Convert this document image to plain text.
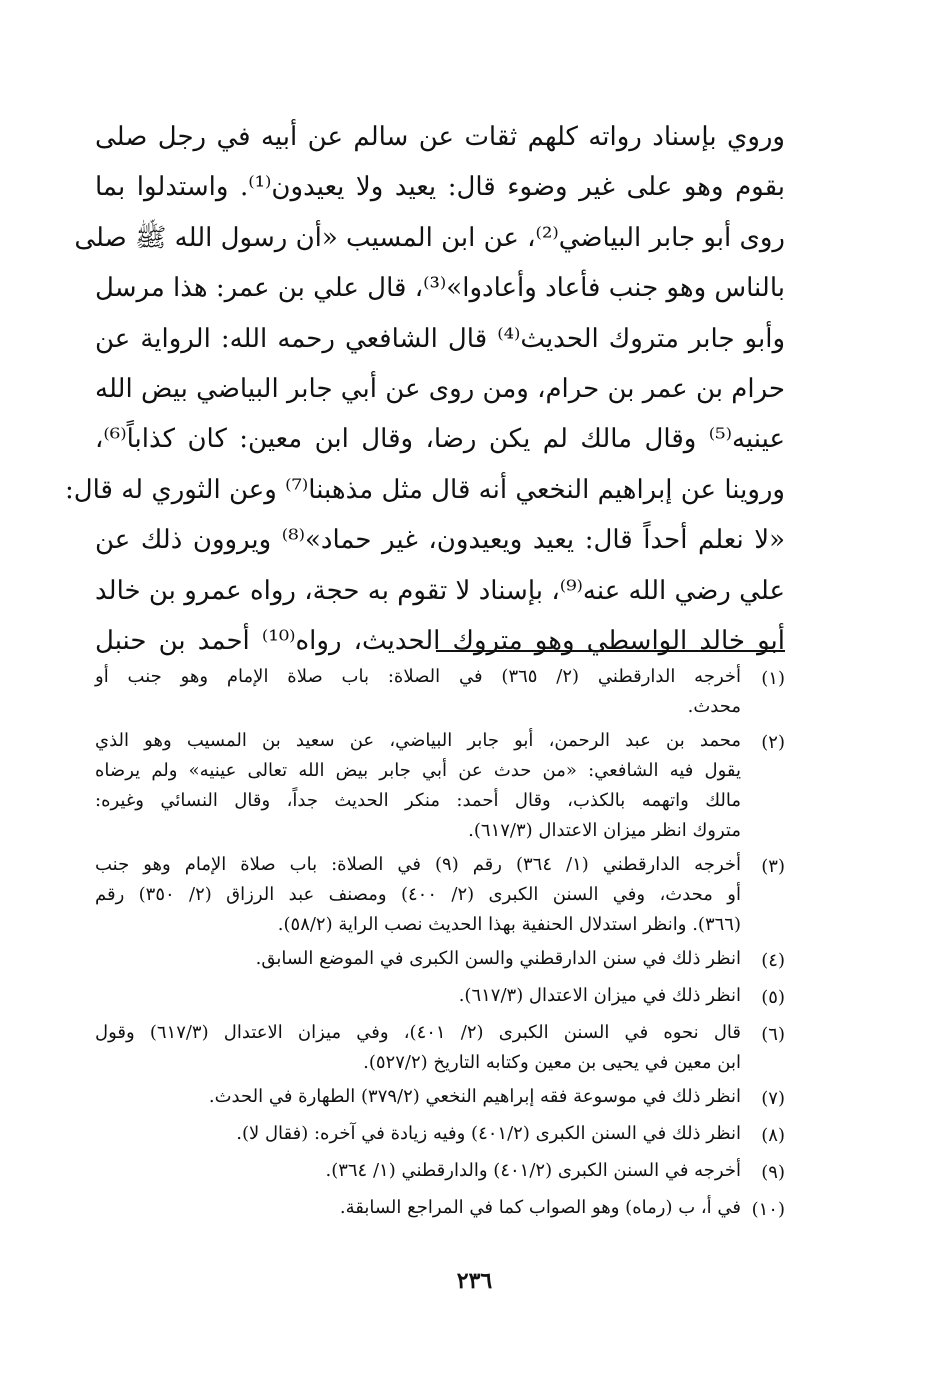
وروي بإسناد رواته كلهم ثقات عن سالم عن أبيه في رجل صلى
بقوم وهو على غير وضوء قال: يعيد ولا يعيدون⁽¹⁾. واستدلوا بما
روى أبو جابر البياضي⁽²⁾، عن ابن المسيب «أن رسول الله ﷺ صلى
بالناس وهو جنب فأعاد وأعادوا»⁽³⁾، قال علي بن عمر: هذا مرسل
وأبو جابر متروك الحديث⁽⁴⁾ قال الشافعي رحمه الله: الرواية عن
حرام بن عمر بن حرام، ومن روى عن أبي جابر البياضي بيض الله
عينيه⁽⁵⁾ وقال مالك لم يكن رضا، وقال ابن معين: كان كذاباً⁽⁶⁾،
وروينا عن إبراهيم النخعي أنه قال مثل مذهبنا⁽⁷⁾ وعن الثوري له قال:
«لا نعلم أحداً قال: يعيد ويعيدون، غير حماد»⁽⁸⁾ ويروون ذلك عن
علي رضي الله عنه⁽⁹⁾، بإسناد لا تقوم به حجة، رواه عمرو بن خالد
أبو خالد الواسطي وهو متروك الحديث، رواه⁽¹⁰⁾ أحمد بن حنبل
(١)
أخرجه الدارقطني (٢/ ٣٦٥) في الصلاة: باب صلاة الإمام وهو جنب أو
محدث.
(٢)
محمد بن عبد الرحمن، أبو جابر البياضي، عن سعيد بن المسيب وهو الذي
يقول فيه الشافعي: «من حدث عن أبي جابر بيض الله تعالى عينيه» ولم يرضاه
مالك واتهمه بالكذب، وقال أحمد: منكر الحديث جداً، وقال النسائي وغيره:
متروك انظر ميزان الاعتدال (٦١٧/٣).
(٣)
أخرجه الدارقطني (١/ ٣٦٤) رقم (٩) في الصلاة: باب صلاة الإمام وهو جنب
أو محدث، وفي السنن الكبرى (٢/ ٤٠٠) ومصنف عبد الرزاق (٢/ ٣٥٠) رقم
(٣٦٦). وانظر استدلال الحنفية بهذا الحديث نصب الراية (٥٨/٢).
(٤)
انظر ذلك في سنن الدارقطني والسن الكبرى في الموضع السابق.
(٥)
انظر ذلك في ميزان الاعتدال (٦١٧/٣).
(٦)
قال نحوه في السنن الكبرى (٢/ ٤٠١)، وفي ميزان الاعتدال (٦١٧/٣) وقول
ابن معين في يحيى بن معين وكتابه التاريخ (٥٢٧/٢).
(٧)
انظر ذلك في موسوعة فقه إبراهيم النخعي (٣٧٩/٢) الطهارة في الحدث.
(٨)
انظر ذلك في السنن الكبرى (٤٠١/٢) وفيه زيادة في آخره: (فقال لا).
(٩)
أخرجه في السنن الكبرى (٤٠١/٢) والدارقطني (١/ ٣٦٤).
(١٠)
في أ، ب (رماه) وهو الصواب كما في المراجع السابقة.
٢٣٦
